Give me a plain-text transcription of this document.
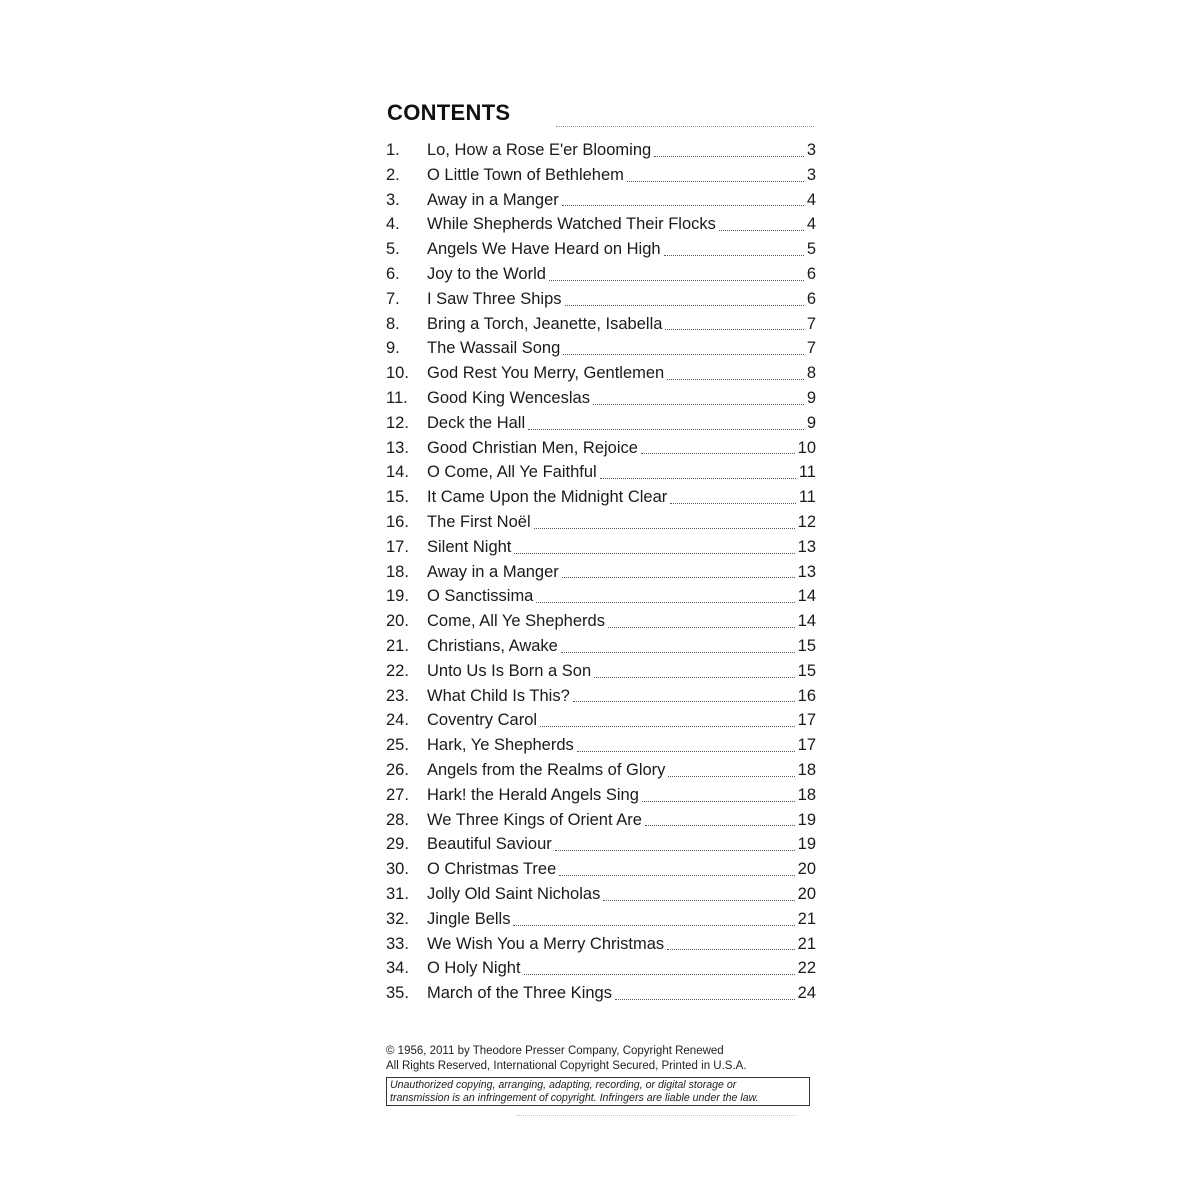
CONTENTS
1.	Lo, How a Rose E'er Blooming	3
2.	O Little Town of Bethlehem	3
3.	Away in a Manger	4
4.	While Shepherds Watched Their Flocks	4
5.	Angels We Have Heard on High	5
6.	Joy to the World	6
7.	I Saw Three Ships	6
8.	Bring a Torch, Jeanette, Isabella	7
9.	The Wassail Song	7
10.	God Rest You Merry, Gentlemen	8
11.	Good King Wenceslas	9
12.	Deck the Hall	9
13.	Good Christian Men, Rejoice	10
14.	O Come, All Ye Faithful	11
15.	It Came Upon the Midnight Clear	11
16.	The First Noël	12
17.	Silent Night	13
18.	Away in a Manger	13
19.	O Sanctissima	14
20.	Come, All Ye Shepherds	14
21.	Christians, Awake	15
22.	Unto Us Is Born a Son	15
23.	What Child Is This?	16
24.	Coventry Carol	17
25.	Hark, Ye Shepherds	17
26.	Angels from the Realms of Glory	18
27.	Hark! the Herald Angels Sing	18
28.	We Three Kings of Orient Are	19
29.	Beautiful Saviour	19
30.	O Christmas Tree	20
31.	Jolly Old Saint Nicholas	20
32.	Jingle Bells	21
33.	We Wish You a Merry Christmas	21
34.	O Holy Night	22
35.	March of the Three Kings	24
© 1956, 2011 by Theodore Presser Company, Copyright Renewed
All Rights Reserved, International Copyright Secured, Printed in U.S.A.
Unauthorized copying, arranging, adapting, recording, or digital storage or
transmission is an infringement of copyright. Infringers are liable under the law.
